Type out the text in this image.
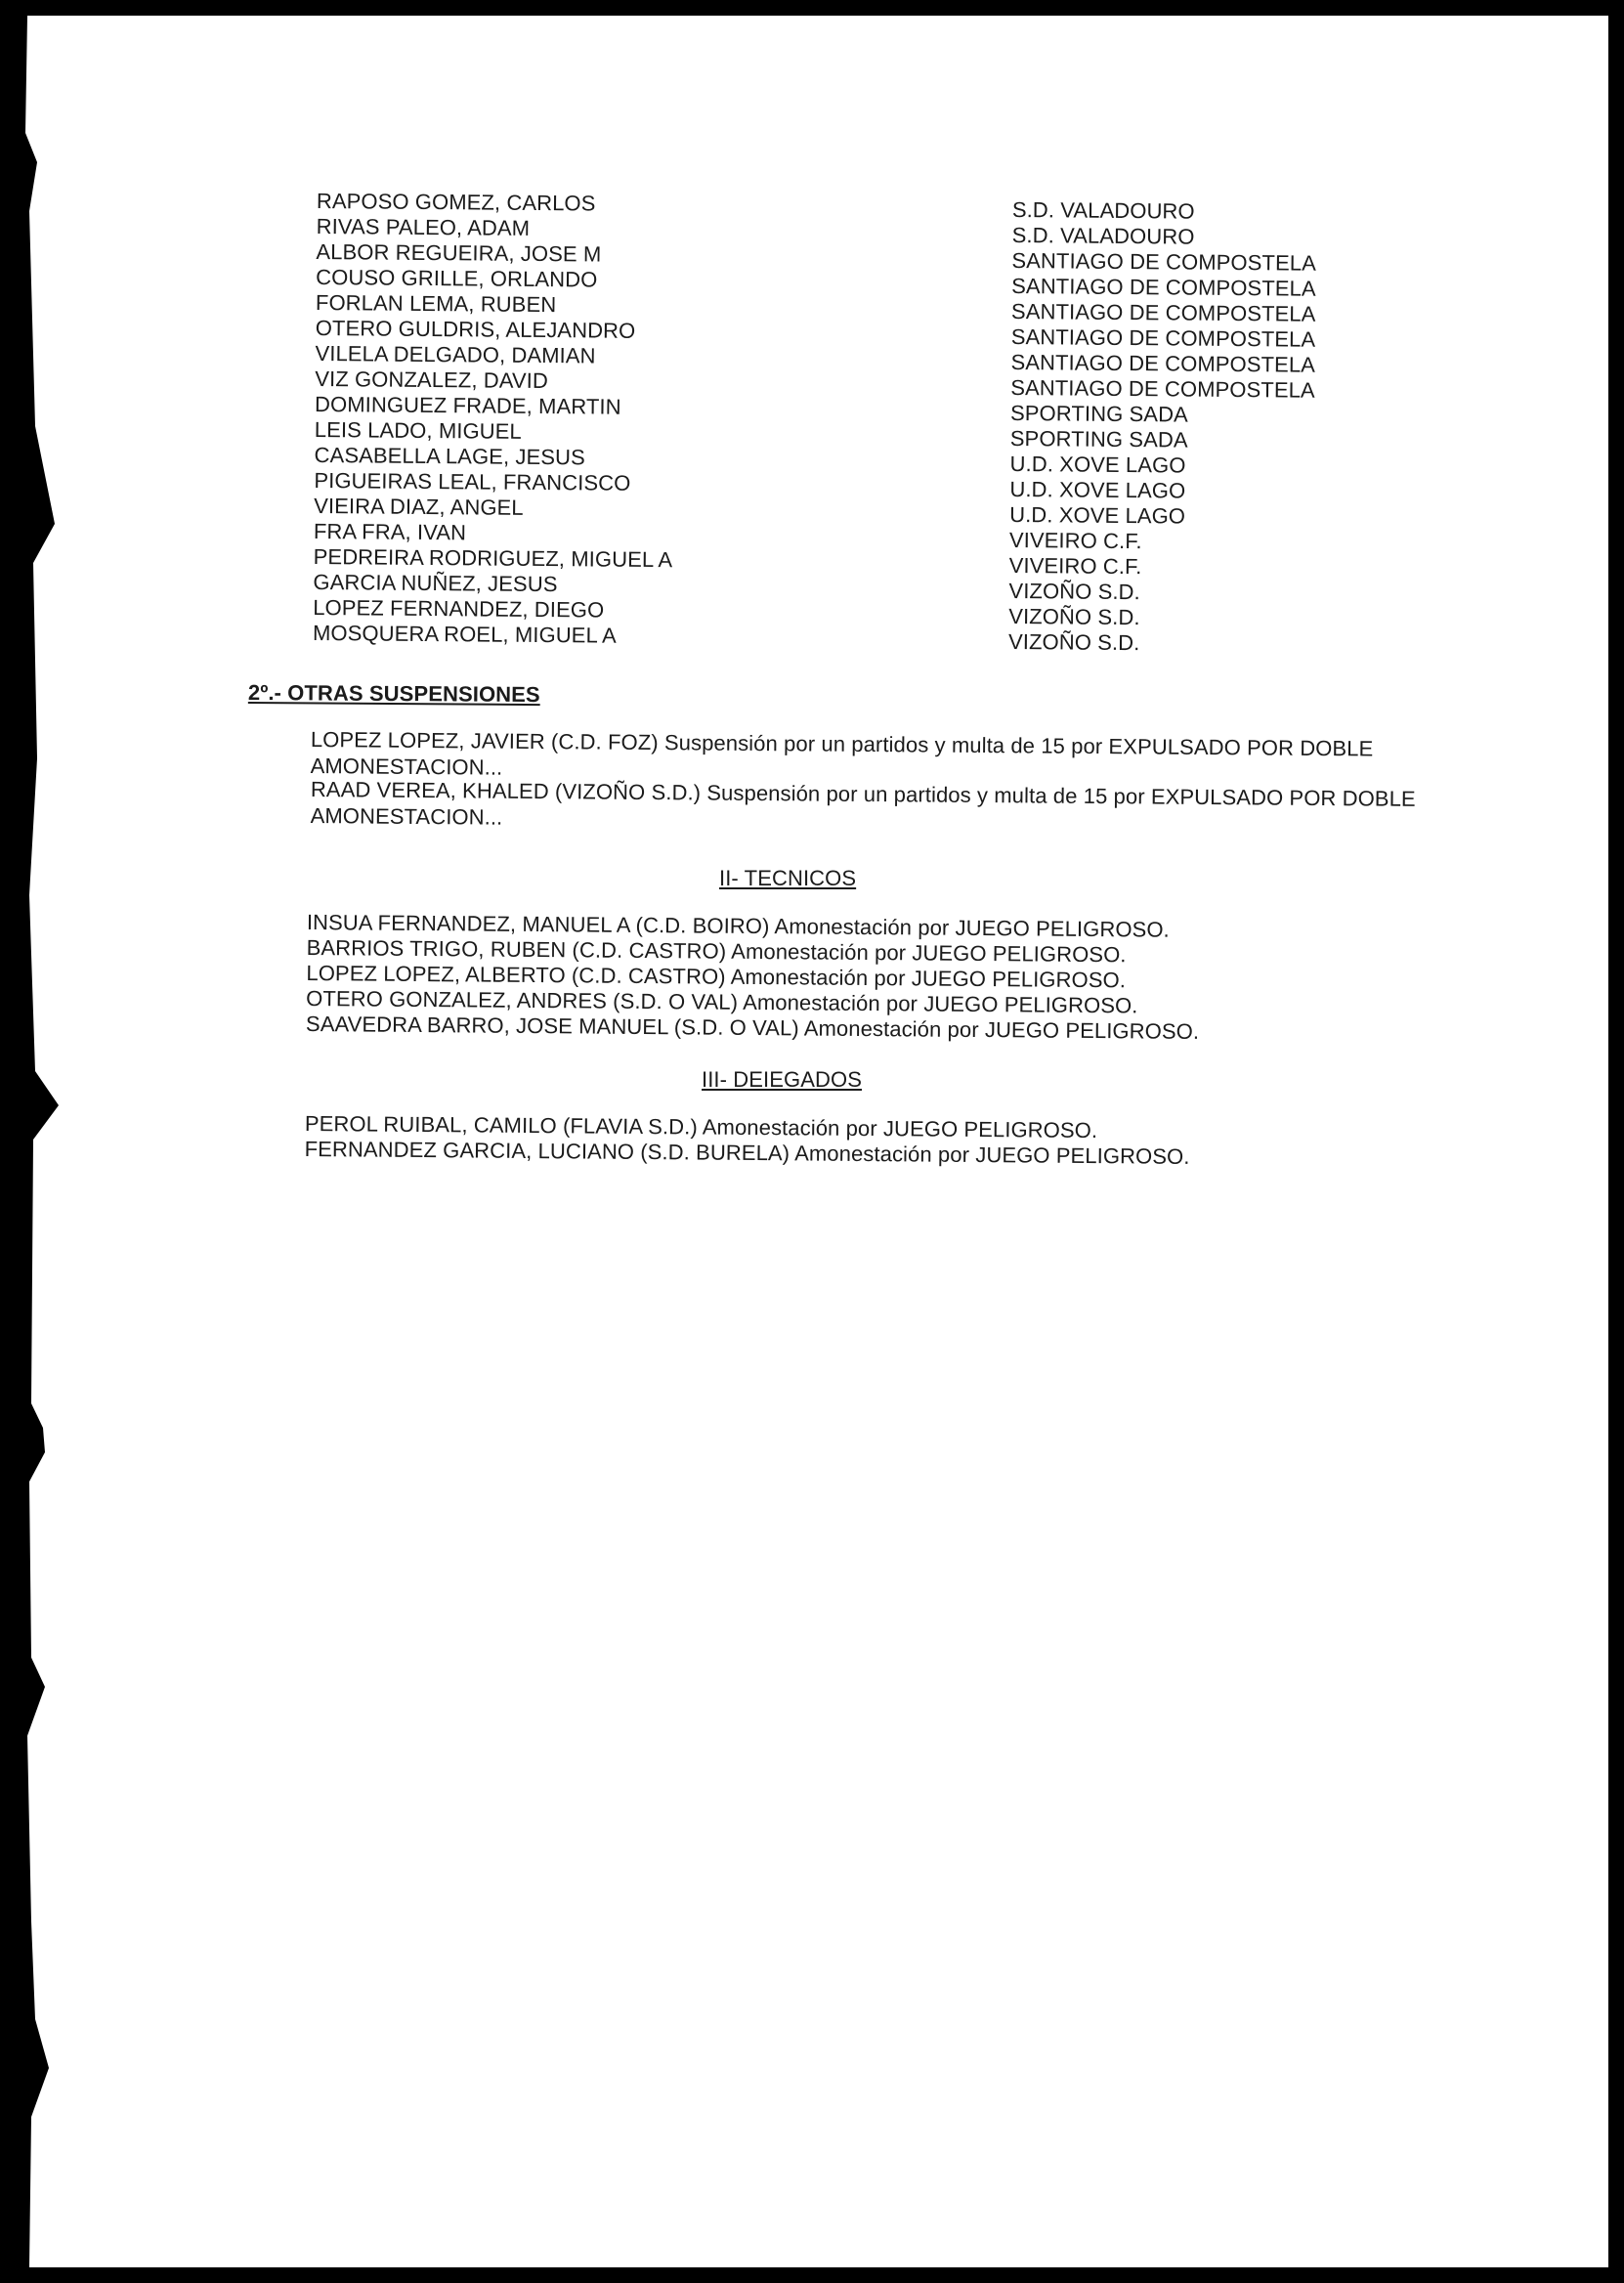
RAPOSO GOMEZ, CARLOS
RIVAS PALEO, ADAM
ALBOR REGUEIRA, JOSE M
COUSO GRILLE, ORLANDO
FORLAN LEMA, RUBEN
OTERO GULDRIS, ALEJANDRO
VILELA DELGADO, DAMIAN
VIZ GONZALEZ, DAVID
DOMINGUEZ FRADE, MARTIN
LEIS LADO, MIGUEL
CASABELLA LAGE, JESUS
PIGUEIRAS LEAL, FRANCISCO
VIEIRA DIAZ, ANGEL
FRA FRA, IVAN
PEDREIRA RODRIGUEZ, MIGUEL A
GARCIA NUÑEZ, JESUS
LOPEZ FERNANDEZ, DIEGO
MOSQUERA ROEL, MIGUEL A
S.D. VALADOURO
S.D. VALADOURO
SANTIAGO DE COMPOSTELA
SANTIAGO DE COMPOSTELA
SANTIAGO DE COMPOSTELA
SANTIAGO DE COMPOSTELA
SANTIAGO DE COMPOSTELA
SANTIAGO DE COMPOSTELA
SPORTING SADA
SPORTING SADA
U.D. XOVE LAGO
U.D. XOVE LAGO
U.D. XOVE LAGO
VIVEIRO C.F.
VIVEIRO C.F.
VIZOÑO S.D.
VIZOÑO S.D.
VIZOÑO S.D.
2º.- OTRAS SUSPENSIONES
LOPEZ LOPEZ, JAVIER (C.D. FOZ) Suspensión por un partidos y multa de 15 por EXPULSADO POR DOBLE AMONESTACION...
RAAD VEREA, KHALED (VIZOÑO S.D.) Suspensión por un partidos y multa de 15 por EXPULSADO POR DOBLE AMONESTACION...
II- TECNICOS
INSUA FERNANDEZ, MANUEL A (C.D. BOIRO) Amonestación por JUEGO PELIGROSO.
BARRIOS TRIGO, RUBEN (C.D. CASTRO) Amonestación por JUEGO PELIGROSO.
LOPEZ LOPEZ, ALBERTO (C.D. CASTRO) Amonestación por JUEGO PELIGROSO.
OTERO GONZALEZ, ANDRES (S.D. O VAL) Amonestación por JUEGO PELIGROSO.
SAAVEDRA BARRO, JOSE MANUEL (S.D. O VAL) Amonestación por JUEGO PELIGROSO.
III- DEIEGADOS
PEROL RUIBAL, CAMILO (FLAVIA S.D.) Amonestación por JUEGO PELIGROSO.
FERNANDEZ GARCIA, LUCIANO (S.D. BURELA) Amonestación por JUEGO PELIGROSO.
